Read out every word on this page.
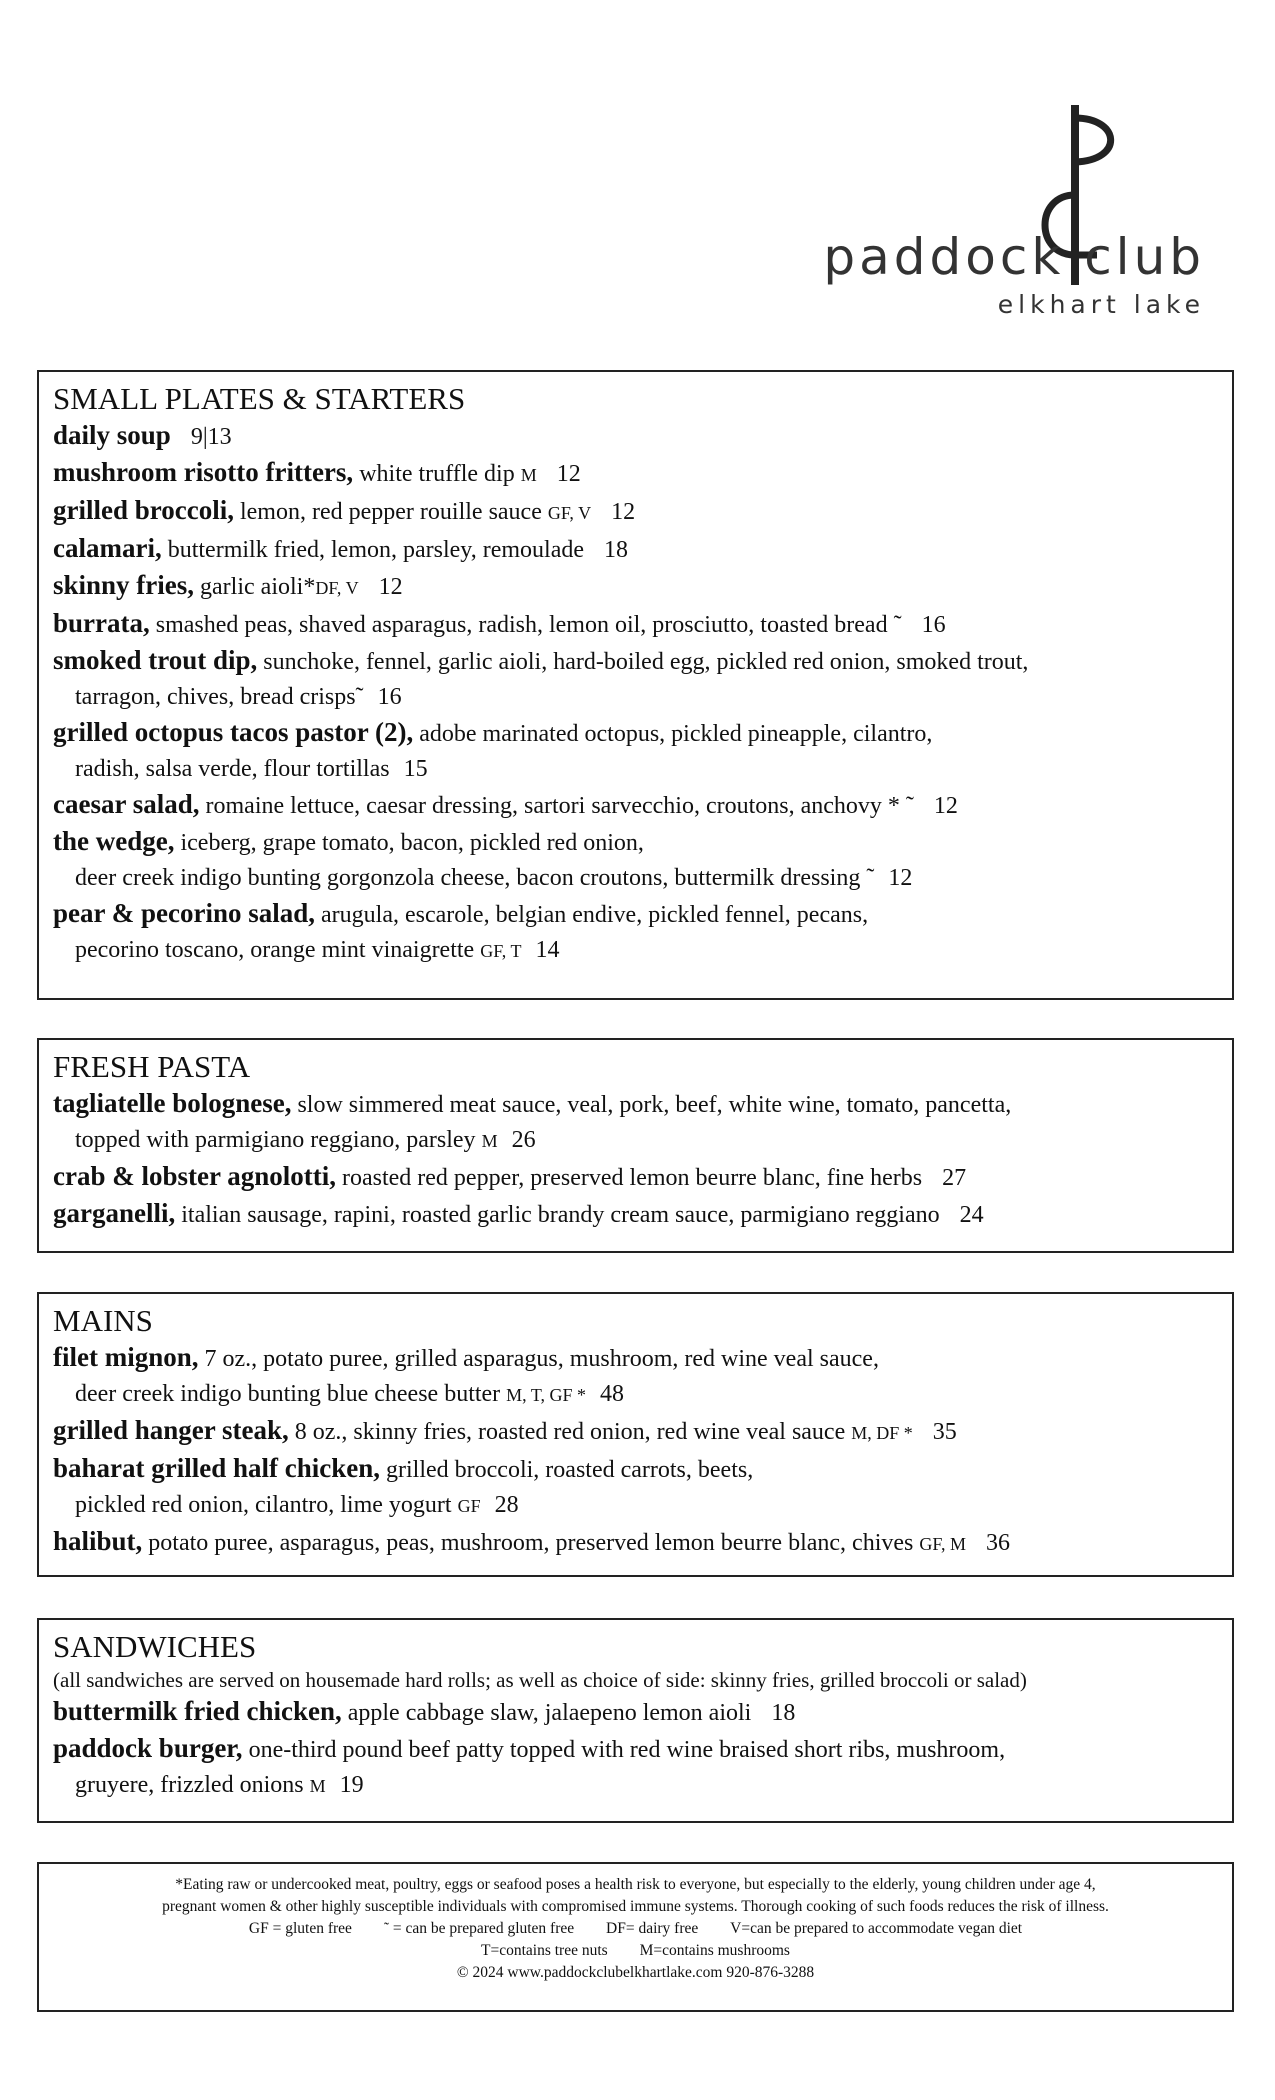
paddock club
elkhart lake
SMALL PLATES & STARTERS
daily soup 9|13
mushroom risotto fritters, white truffle dip M 12
grilled broccoli, lemon, red pepper rouille sauce GF, V 12
calamari, buttermilk fried, lemon, parsley, remoulade 18
skinny fries, garlic aioli*DF, V 12
burrata, smashed peas, shaved asparagus, radish, lemon oil, prosciutto, toasted bread ˜ 16
smoked trout dip, sunchoke, fennel, garlic aioli, hard-boiled egg, pickled red onion, smoked trout,
tarragon, chives, bread crisps˜ 16
grilled octopus tacos pastor (2), adobe marinated octopus, pickled pineapple, cilantro,
radish, salsa verde, flour tortillas 15
caesar salad, romaine lettuce, caesar dressing, sartori sarvecchio, croutons, anchovy * ˜ 12
the wedge, iceberg, grape tomato, bacon, pickled red onion,
deer creek indigo bunting gorgonzola cheese, bacon croutons, buttermilk dressing ˜ 12
pear & pecorino salad, arugula, escarole, belgian endive, pickled fennel, pecans,
pecorino toscano, orange mint vinaigrette GF, T 14
FRESH PASTA
tagliatelle bolognese, slow simmered meat sauce, veal, pork, beef, white wine, tomato, pancetta,
topped with parmigiano reggiano, parsley M 26
crab & lobster agnolotti, roasted red pepper, preserved lemon beurre blanc, fine herbs 27
garganelli, italian sausage, rapini, roasted garlic brandy cream sauce, parmigiano reggiano 24
MAINS
filet mignon, 7 oz., potato puree, grilled asparagus, mushroom, red wine veal sauce,
deer creek indigo bunting blue cheese butter M, T, GF * 48
grilled hanger steak, 8 oz., skinny fries, roasted red onion, red wine veal sauce M, DF * 35
baharat grilled half chicken, grilled broccoli, roasted carrots, beets,
pickled red onion, cilantro, lime yogurt GF 28
halibut, potato puree, asparagus, peas, mushroom, preserved lemon beurre blanc, chives GF, M 36
SANDWICHES
(all sandwiches are served on housemade hard rolls; as well as choice of side: skinny fries, grilled broccoli or salad)
buttermilk fried chicken, apple cabbage slaw, jalaepeno lemon aioli 18
paddock burger, one-third pound beef patty topped with red wine braised short ribs, mushroom,
gruyere, frizzled onions M 19
*Eating raw or undercooked meat, poultry, eggs or seafood poses a health risk to everyone, but especially to the elderly, young children under age 4,
pregnant women & other highly susceptible individuals with compromised immune systems. Thorough cooking of such foods reduces the risk of illness.
GF = gluten free ˜ = can be prepared gluten free DF= dairy free V=can be prepared to accommodate vegan diet
T=contains tree nuts M=contains mushrooms
© 2024 www.paddockclubelkhartlake.com 920-876-3288
